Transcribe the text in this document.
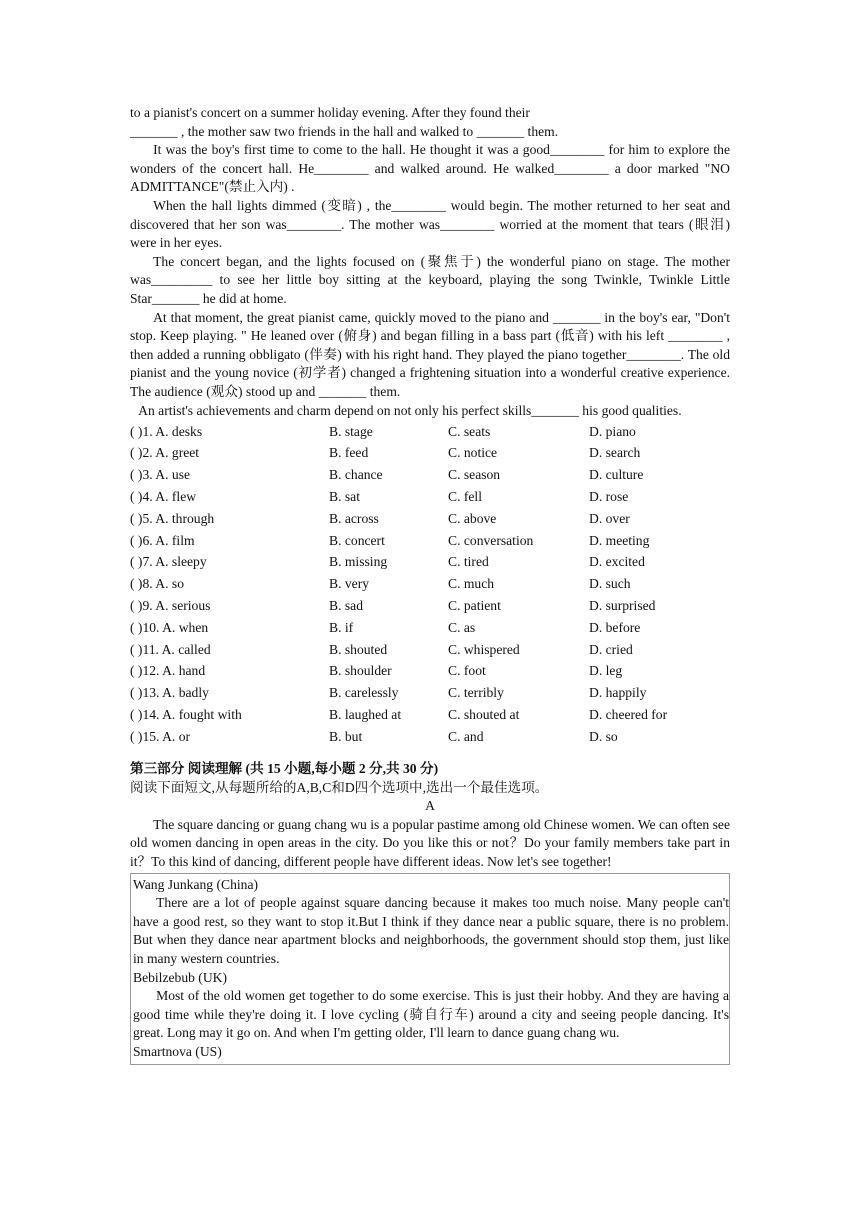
to a pianist's concert on a summer holiday evening. After they found their

_______ , the mother saw two friends in the hall and walked to _______ them.

It was the boy's first time to come to the hall. He thought it was a good________ for him to explore the wonders of the concert hall. He________ and walked around. He walked________ a door marked "NO ADMITTANCE"(禁止入内) .

When the hall lights dimmed (变暗) , the________ would begin. The mother returned to her seat and discovered that her son was________. The mother was________ worried at the moment that tears (眼泪) were in her eyes.

The concert began, and the lights focused on (聚焦于) the wonderful piano on stage. The mother was_________ to see her little boy sitting at the keyboard, playing the song Twinkle, Twinkle Little Star_______ he did at home.

At that moment, the great pianist came, quickly moved to the piano and _______ in the boy's ear, "Don't stop. Keep playing. " He leaned over (俯身) and began filling in a bass part (低音) with his left ________ , then added a running obbligato (伴奏) with his right hand. They played the piano together________. The old pianist and the young novice (初学者) changed a frightening situation into a wonderful creative experience. The audience (观众) stood up and _______ them.

An artist's achievements and charm depend on not only his perfect skills_______ his good qualities.

( )1. A. desks	B. stage	C. seats	D. piano
( )2. A. greet	B. feed	C. notice	D. search
( )3. A. use	B. chance	C. season	D. culture
( )4. A. flew	B. sat	C. fell	D. rose
( )5. A. through	B. across	C. above	D. over
( )6. A. film	B. concert	C. conversation	D. meeting
( )7. A. sleepy	B. missing	C. tired	D. excited
( )8. A. so	B. very	C. much	D. such
( )9. A. serious	B. sad	C. patient	D. surprised
( )10. A. when	B. if	C. as	D. before
( )11. A. called	B. shouted	C. whispered	D. cried
( )12. A. hand	B. shoulder	C. foot	D. leg
( )13. A. badly	B. carelessly	C. terribly	D. happily
( )14. A. fought with	B. laughed at	C. shouted at	D. cheered for
( )15. A. or	B. but	C. and	D. so

第三部分 阅读理解 (共 15 小题,每小题 2 分,共 30 分)

阅读下面短文,从每题所给的A,B,C和D四个选项中,选出一个最佳选项。

A

The square dancing or guang chang wu is a popular pastime among old Chinese women. We can often see old women dancing in open areas in the city. Do you like this or not？Do your family members take part in it？To this kind of dancing, different people have different ideas. Now let's see together!

Wang Junkang (China)

There are a lot of people against square dancing because it makes too much noise. Many people can't have a good rest, so they want to stop it.But I think if they dance near a public square, there is no problem. But when they dance near apartment blocks and neighborhoods, the government should stop them, just like in many western countries.

Bebilzebub (UK)

Most of the old women get together to do some exercise. This is just their hobby. And they are having a good time while they're doing it. I love cycling (骑自行车) around a city and seeing people dancing. It's great. Long may it go on. And when I'm getting older, I'll learn to dance guang chang wu.

Smartnova (US)
